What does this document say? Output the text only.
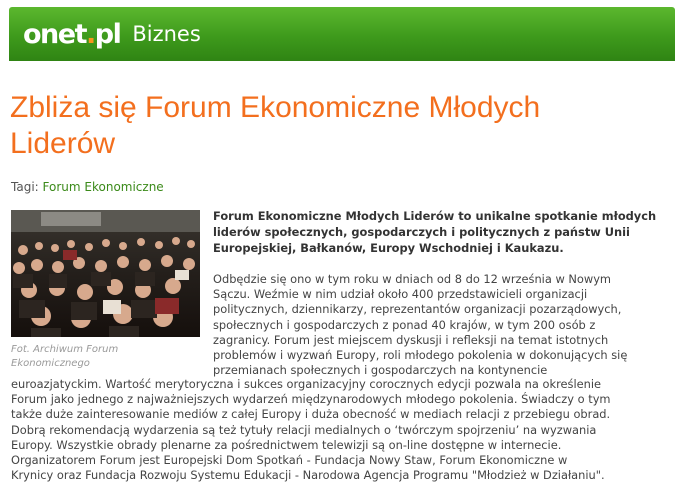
onet . pl Biznes
Zbliża się Forum Ekonomiczne Młodych
Liderów
Tagi: Forum Ekonomiczne
Fot. Archiwum Forum Ekonomicznego
Forum Ekonomiczne Młodych Liderów to unikalne spotkanie młodych
liderów społecznych, gospodarczych i politycznych z państw Unii
Europejskiej, Bałkanów, Europy Wschodniej i Kaukazu.
Odbędzie się ono w tym roku w dniach od 8 do 12 września w Nowym
Sączu. Weźmie w nim udział około 400 przedstawicieli organizacji
politycznych, dziennikarzy, reprezentantów organizacji pozarządowych,
społecznych i gospodarczych z ponad 40 krajów, w tym 200 osób z
zagranicy. Forum jest miejscem dyskusji i refleksji na temat istotnych
problemów i wyzwań Europy, roli młodego pokolenia w dokonujących się
przemianach społecznych i gospodarczych na kontynencie
euroazjatyckim. Wartość merytoryczna i sukces organizacyjny corocznych edycji pozwala na określenie
Forum jako jednego z najważniejszych wydarzeń międzynarodowych młodego pokolenia. Świadczy o tym
także duże zainteresowanie mediów z całej Europy i duża obecność w mediach relacji z przebiegu obrad.
Dobrą rekomendacją wydarzenia są też tytuły relacji medialnych o ‘twórczym spojrzeniu’ na wyzwania
Europy. Wszystkie obrady plenarne za pośrednictwem telewizji są on-line dostępne w internecie.
Organizatorem Forum jest Europejski Dom Spotkań - Fundacja Nowy Staw, Forum Ekonomiczne w
Krynicy oraz Fundacja Rozwoju Systemu Edukacji - Narodowa Agencja Programu "Młodzież w Działaniu".
